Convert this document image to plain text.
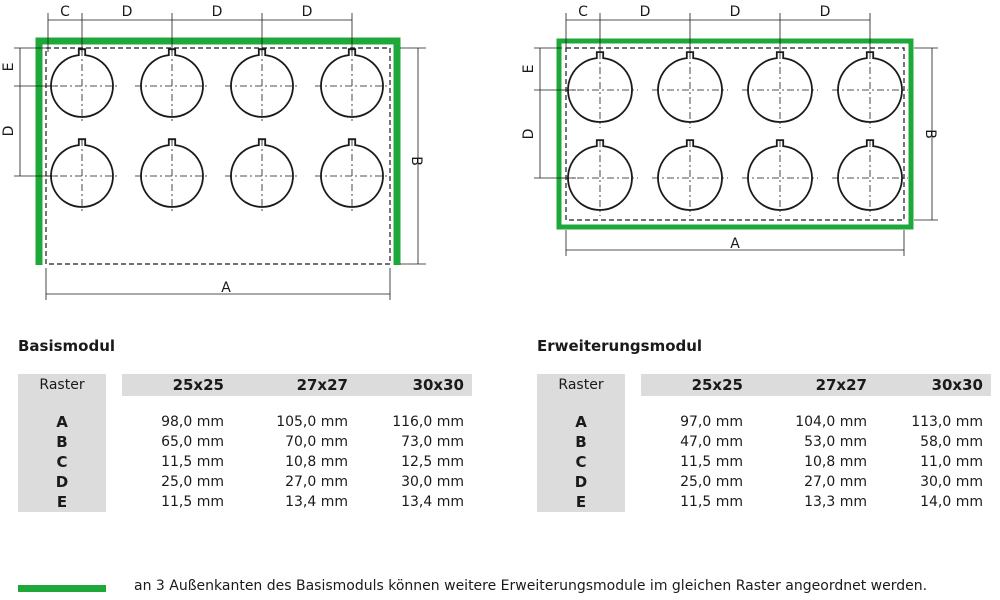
C	D	D	D
E
D
B
A
C	D	D	D
E
D	B
A
Basismodul
Raster		25x25	27x27	30x30

A		98,0 mm	105,0 mm	116,0 mm
B		65,0 mm	70,0 mm	73,0 mm
C		11,5 mm	10,8 mm	12,5 mm
D		25,0 mm	27,0 mm	30,0 mm
E		11,5 mm	13,4 mm	13,4 mm
Erweiterungsmodul
Raster		25x25	27x27	30x30

A		97,0 mm	104,0 mm	113,0 mm
B		47,0 mm	53,0 mm	58,0 mm
C		11,5 mm	10,8 mm	11,0 mm
D		25,0 mm	27,0 mm	30,0 mm
E		11,5 mm	13,3 mm	14,0 mm
an 3 Außenkanten des Basismoduls können weitere Erweiterungsmodule im gleichen Raster angeordnet werden.
